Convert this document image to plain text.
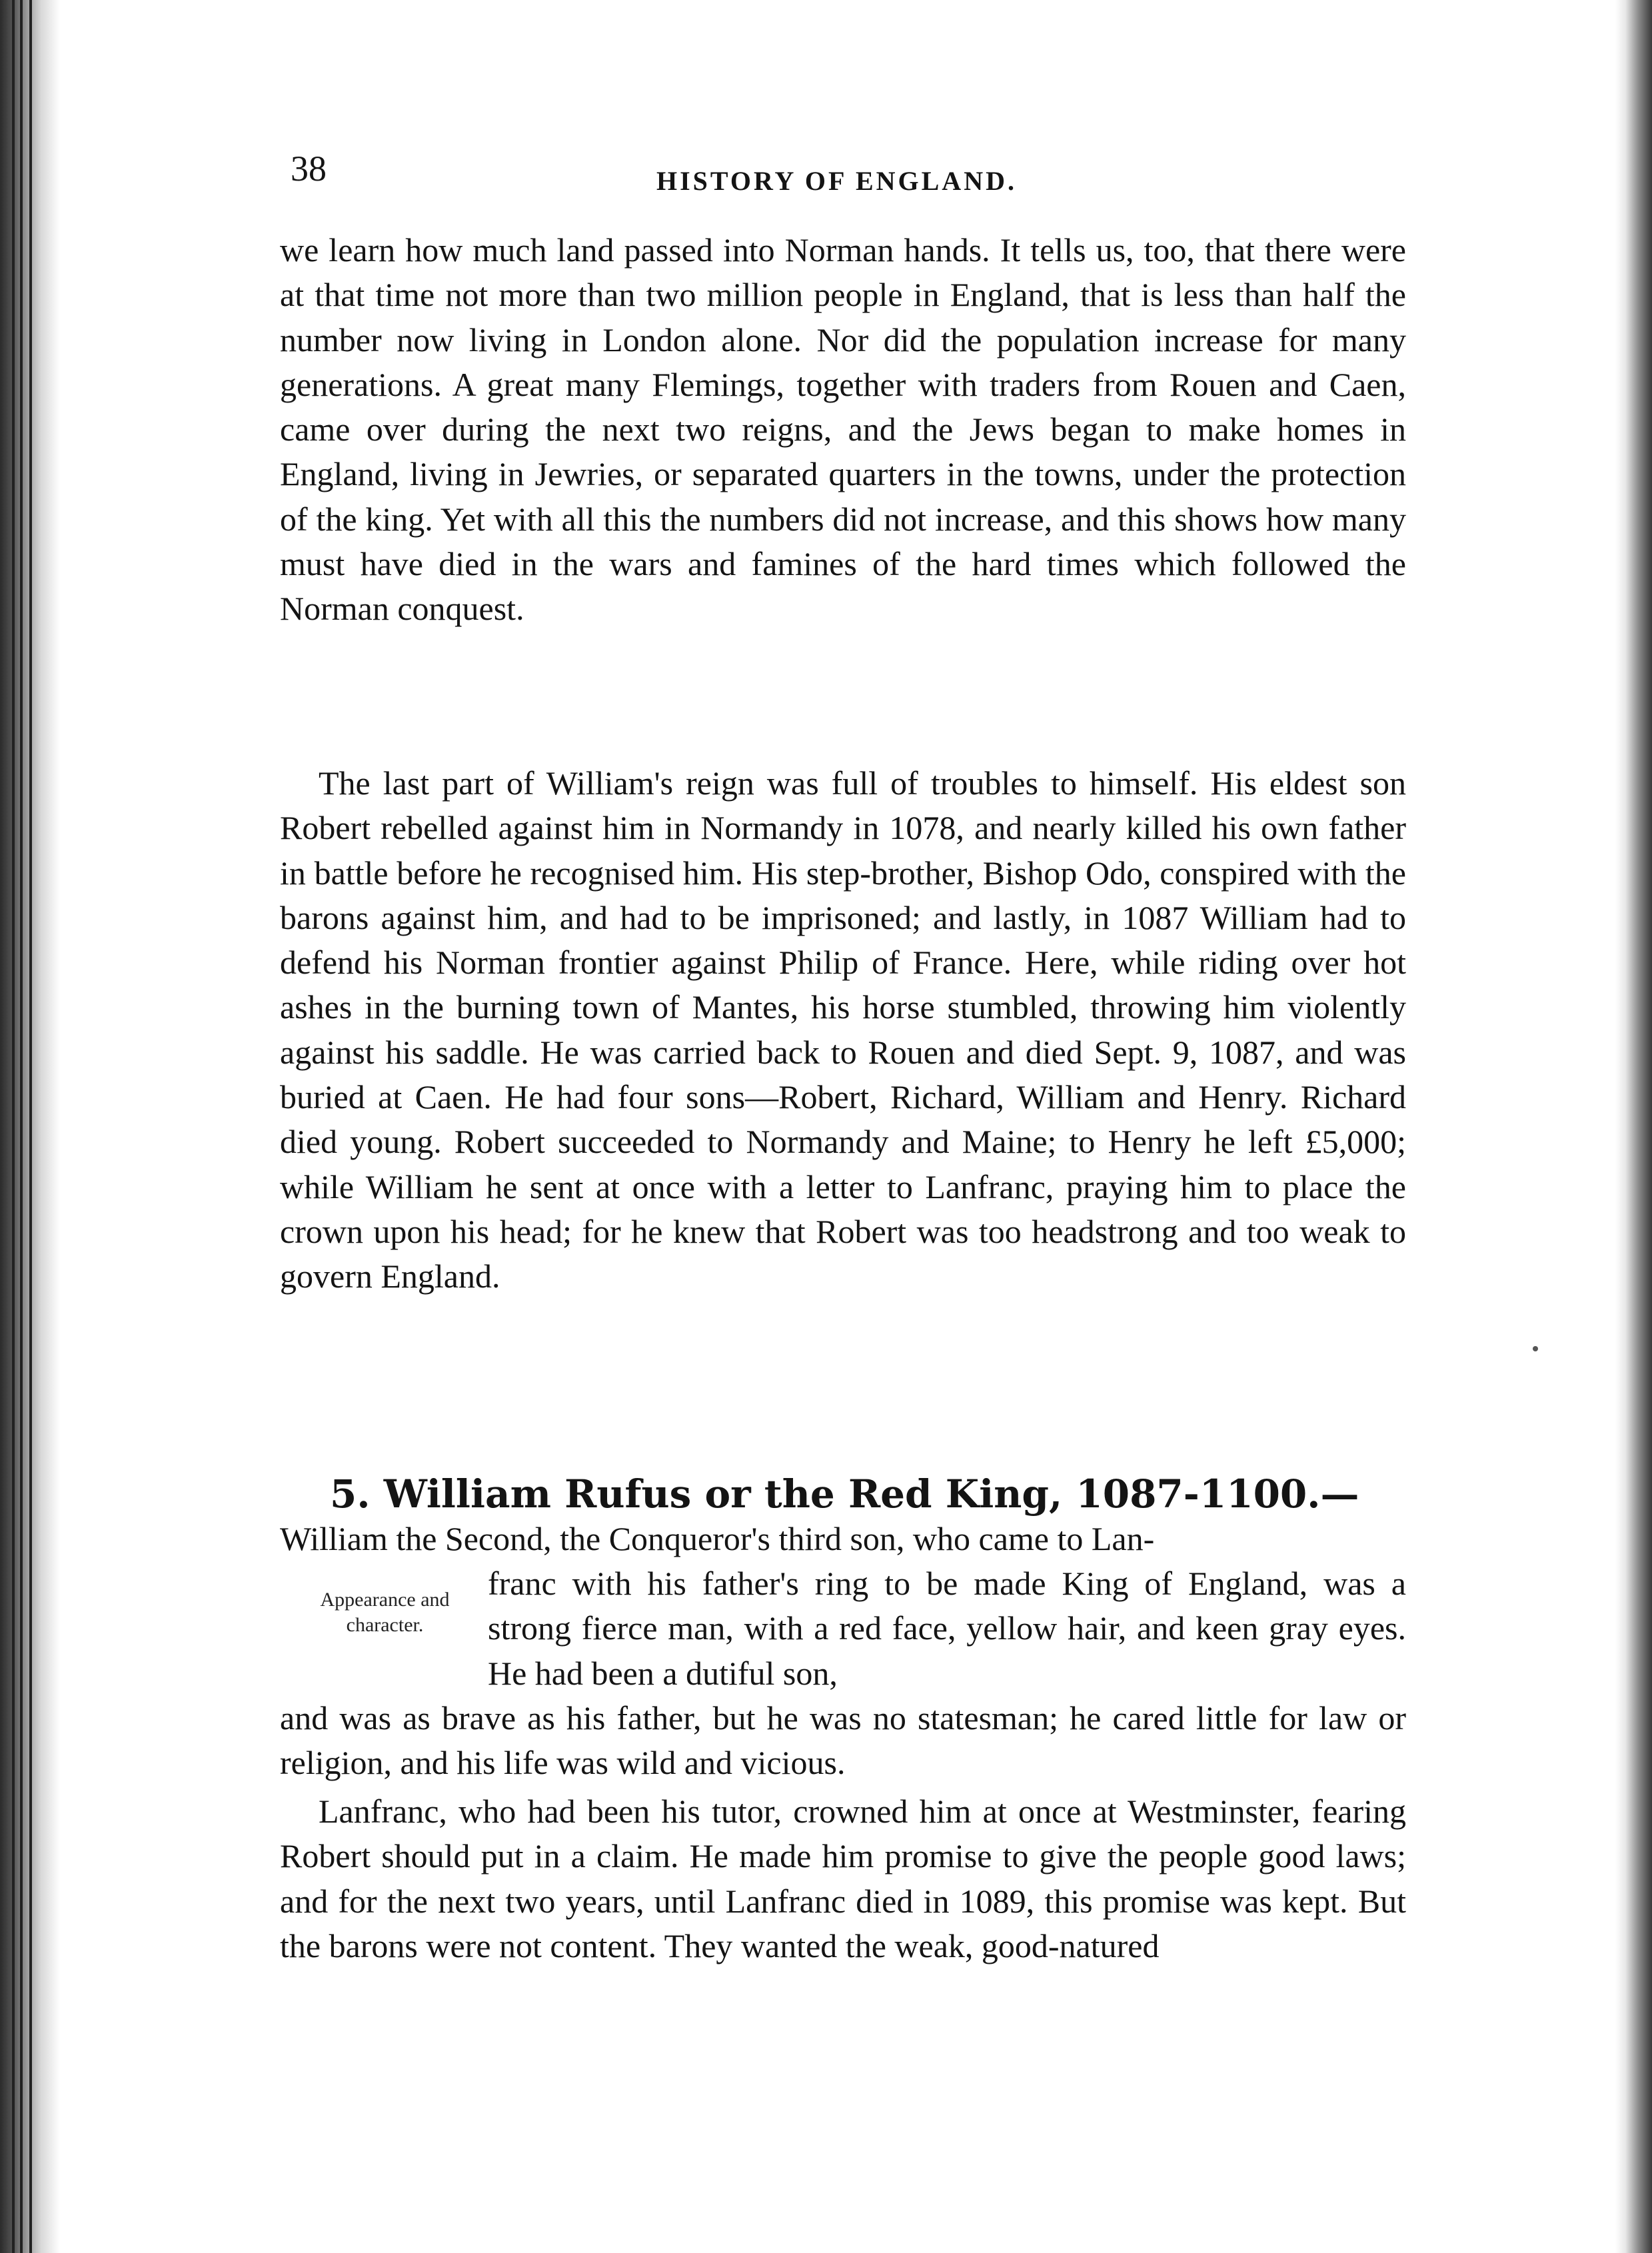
38	HISTORY OF ENGLAND.
we learn how much land passed into Norman hands. It tells us, too, that there were at that time not more than two million people in England, that is less than half the number now living in London alone. Nor did the population increase for many generations. A great many Flemings, together with traders from Rouen and Caen, came over during the next two reigns, and the Jews began to make homes in England, living in Jewries, or separated quarters in the towns, under the protection of the king. Yet with all this the numbers did not increase, and this shows how many must have died in the wars and famines of the hard times which followed the Norman conquest.
The last part of William's reign was full of troubles to himself. His eldest son Robert rebelled against him in Normandy in 1078, and nearly killed his own father in battle before he recognised him. His step-brother, Bishop Odo, conspired with the barons against him, and had to be imprisoned; and lastly, in 1087 William had to defend his Norman frontier against Philip of France. Here, while riding over hot ashes in the burning town of Mantes, his horse stumbled, throwing him violently against his saddle. He was carried back to Rouen and died Sept. 9, 1087, and was buried at Caen. He had four sons—Robert, Richard, William and Henry. Richard died young. Robert succeeded to Normandy and Maine; to Henry he left £5,000; while William he sent at once with a letter to Lanfranc, praying him to place the crown upon his head; for he knew that Robert was too headstrong and too weak to govern England.
5. William Rufus or the Red King, 1087-1100.—
William the Second, the Conqueror's third son, who came to Lan-
Appearance and character.
franc with his father's ring to be made King of England, was a strong fierce man, with a red face, yellow hair, and keen gray eyes. He had been a dutiful son,
and was as brave as his father, but he was no statesman; he cared little for law or religion, and his life was wild and vicious.
Lanfranc, who had been his tutor, crowned him at once at Westminster, fearing Robert should put in a claim. He made him promise to give the people good laws; and for the next two years, until Lanfranc died in 1089, this promise was kept. But the barons were not content. They wanted the weak, good-natured
